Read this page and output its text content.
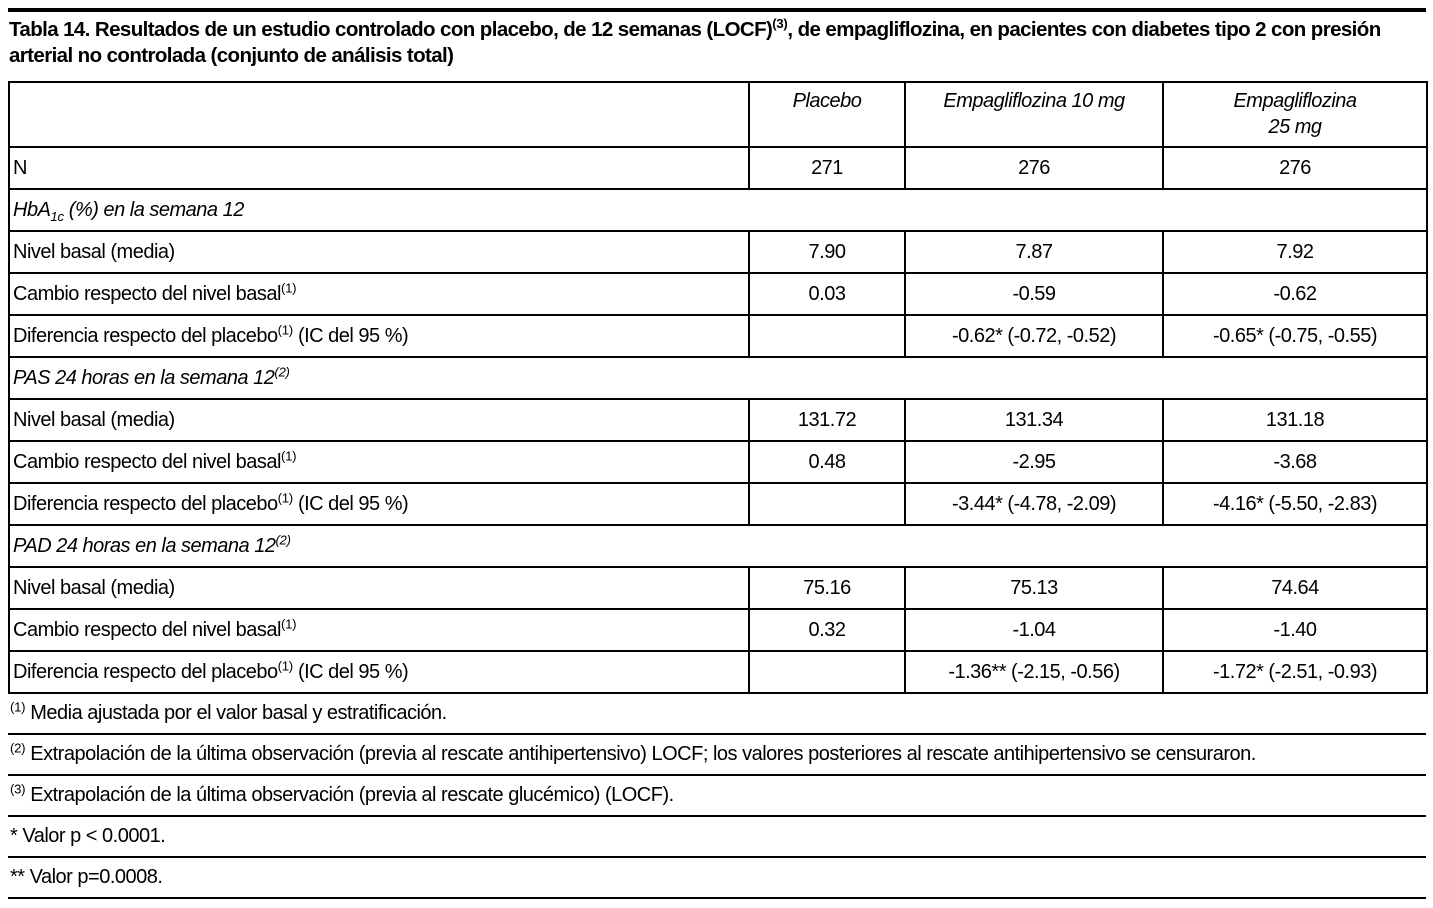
Tabla 14. Resultados de un estudio controlado con placebo, de 12 semanas (LOCF)$^{(3)}$, de empagliflozina, en pacientes con diabetes tipo 2 con presión arterial no controlada (conjunto de análisis total)
	Placebo	Empagliflozina 10 mg	Empagliflozina
25 mg
N	271	276	276
HbA$_{1c}$ (%) en la semana 12			
Nivel basal (media)	7.90	7.87	7.92
Cambio respecto del nivel basal$^{(1)}$	0.03	-0.59	-0.62
Diferencia respecto del placebo$^{(1)}$ (IC del 95 %)		-0.62* (-0.72, -0.52)	-0.65* (-0.75, -0.55)
PAS 24 horas en la semana 12$^{(2)}$
Nivel basal (media)	131.72	131.34	131.18
Cambio respecto del nivel basal$^{(1)}$	0.48	-2.95	-3.68
Diferencia respecto del placebo$^{(1)}$ (IC del 95 %)		-3.44* (-4.78, -2.09)	-4.16* (-5.50, -2.83)
PAD 24 horas en la semana 12$^{(2)}$
Nivel basal (media)	75.16	75.13	74.64
Cambio respecto del nivel basal$^{(1)}$	0.32	-1.04	-1.40
Diferencia respecto del placebo$^{(1)}$ (IC del 95 %)		-1.36** (-2.15, -0.56)	-1.72* (-2.51, -0.93)
$^{(1)}$ Media ajustada por el valor basal y estratificación.
$^{(2)}$ Extrapolación de la última observación (previa al rescate antihipertensivo) LOCF; los valores posteriores al rescate antihipertensivo se censuraron.
$^{(3)}$ Extrapolación de la última observación (previa al rescate glucémico) (LOCF).
* Valor p < 0.0001.
** Valor p=0.0008.
